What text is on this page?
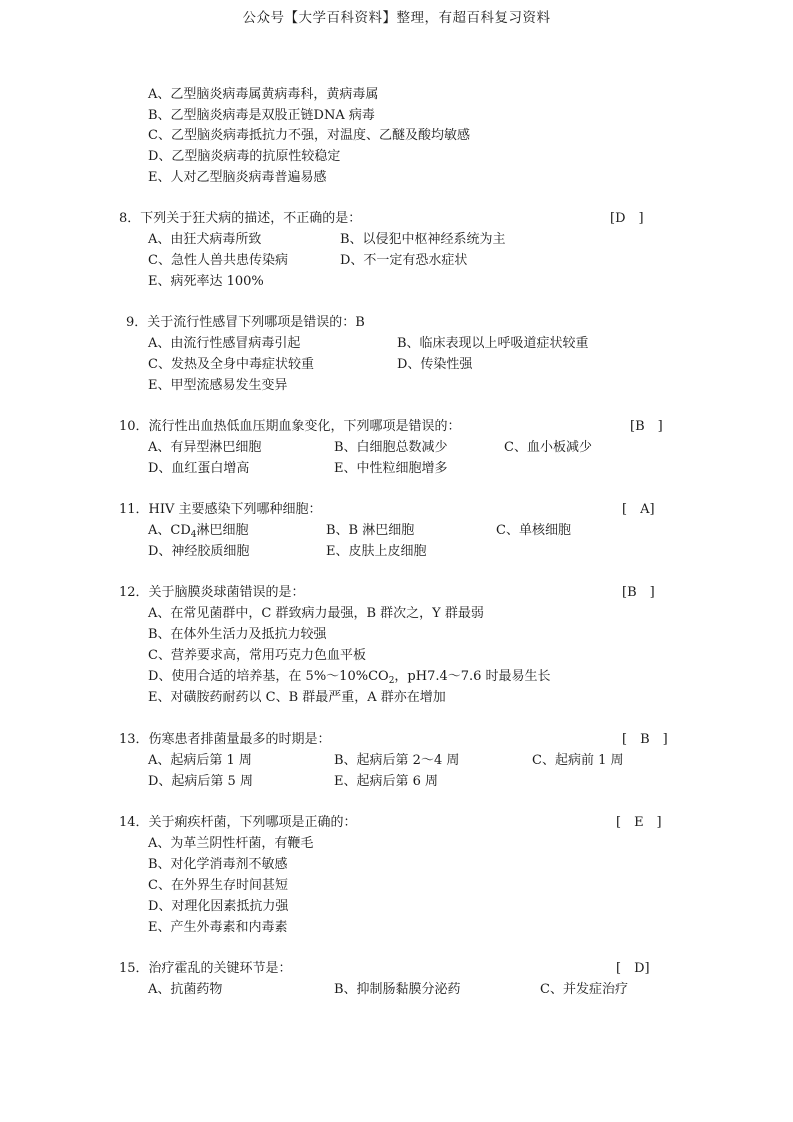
公众号【大学百科资料】整理，有超百科复习资料
A、乙型脑炎病毒属黄病毒科，黄病毒属
B、乙型脑炎病毒是双股正链DNA 病毒
C、乙型脑炎病毒抵抗力不强，对温度、乙醚及酸均敏感
D、乙型脑炎病毒的抗原性较稳定
E、人对乙型脑炎病毒普遍易感
8．下列关于狂犬病的描述，不正确的是：	[D　]
A、由狂犬病毒所致	B、以侵犯中枢神经系统为主
C、急性人兽共患传染病	D、不一定有恐水症状
E、病死率达 100%
9．关于流行性感冒下列哪项是错误的：B
A、由流行性感冒病毒引起	B、临床表现以上呼吸道症状较重
C、发热及全身中毒症状较重	D、传染性强
E、甲型流感易发生变异
10．流行性出血热低血压期血象变化，下列哪项是错误的：	[B　]
A、有异型淋巴细胞	B、白细胞总数减少	C、血小板减少
D、血红蛋白增高	E、中性粒细胞增多
11．HIV 主要感染下列哪种细胞：	[　A]
A、$CD_4$淋巴细胞	B、B 淋巴细胞	C、单核细胞
D、神经胶质细胞	E、皮肤上皮细胞
12．关于脑膜炎球菌错误的是：	[B　]
A、在常见菌群中，C 群致病力最强，B 群次之，Y 群最弱
B、在体外生活力及抵抗力较强
C、营养要求高，常用巧克力色血平板
D、使用合适的培养基，在 $5\%\sim 10\%CO_2$，pH7.4～7.6 时最易生长
E、对磺胺药耐药以 C、B 群最严重，A 群亦在增加
13．伤寒患者排菌量最多的时期是：	[　B　]
A、起病后第 1 周	B、起病后第 2～4 周	C、起病前 1 周
D、起病后第 5 周	E、起病后第 6 周
14．关于痢疾杆菌，下列哪项是正确的：	[　E　]
A、为革兰阴性杆菌，有鞭毛
B、对化学消毒剂不敏感
C、在外界生存时间甚短
D、对理化因素抵抗力强
E、产生外毒素和内毒素
15．治疗霍乱的关键环节是：	[　D]
A、抗菌药物	B、抑制肠黏膜分泌药	C、并发症治疗
